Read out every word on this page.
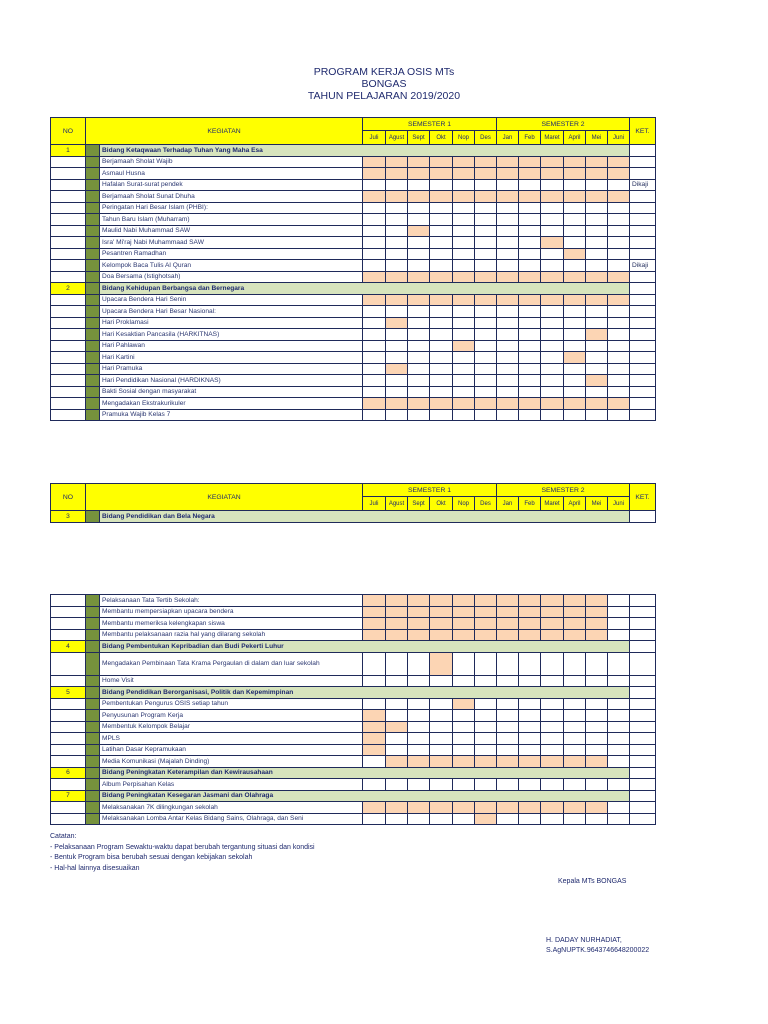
PROGRAM KERJA OSIS MTs
BONGAS
TAHUN PELAJARAN 2019/2020
NO	KEGIATAN		SEMESTER 1						SEMESTER 2						KET.
			Juli	Agust	Sept	Okt	Nop	Des	Jan	Feb	Maret	April	Mei	Juni	
1		Bidang Ketaqwaan Terhadap Tuhan Yang Maha Esa													
		Berjamaah Sholat Wajib													
		Asmaul Husna													
		Hafalan Surat-surat pendek													Dikaji
		Berjamaah Sholat Sunat Dhuha													
		Peringatan Hari Besar Islam (PHBI):													
		Tahun Baru Islam (Muharram)													
		Maulid Nabi Muhammad SAW													
		Isra' Mi'raj Nabi Muhammaad SAW													
		Pesantren Ramadhan													
		Kelompok Baca Tulis Al Quran													Dikaji
		Doa Bersama (Istighotsah)													
2		Bidang Kehidupan Berbangsa dan Bernegara													
		Upacara Bendera Hari Senin													
		Upacara Bendera Hari Besar Nasional:													
		Hari Proklamasi													
		Hari Kesaktian Pancasila (HARKITNAS)													
		Hari Pahlawan													
		Hari Kartini													
		Hari Pramuka													
		Hari Pendidikan Nasional (HARDIKNAS)													
		Bakti Sosial dengan masyarakat													
		Mengadakan Ekstrakurikuler													
		Pramuka Wajib Kelas 7													
NO	KEGIATAN		SEMESTER 1						SEMESTER 2						KET.
			Juli	Agust	Sept	Okt	Nop	Des	Jan	Feb	Maret	April	Mei	Juni	
3		Bidang Pendidikan dan Bela Negara													
		Pelaksanaan Tata Tertib Sekolah:													
		Membantu mempersiapkan upacara bendera													
		Membantu memeriksa kelengkapan siswa													
		Membantu pelaksanaan razia hal yang dilarang sekolah													
4		Bidang Pembentukan Kepribadian dan Budi Pekerti Luhur													
		Mengadakan Pembinaan Tata Krama Pergaulan di dalam dan luar sekolah													
		Home Visit													
5		Bidang Pendidikan Berorganisasi, Politik dan Kepemimpinan													
		Pembentukan Pengurus OSIS setiap tahun													
		Penyusunan Program Kerja													
		Membentuk Kelompok Belajar													
		MPLS													
		Latihan Dasar Kepramukaan													
		Media Komunikasi (Majalah Dinding)													
6		Bidang Peningkatan Keterampilan dan Kewirausahaan													
		Album Perpisahan Kelas													
7		Bidang Peningkatan Kesegaran Jasmani dan Olahraga													
		Melaksanakan 7K dilingkungan sekolah													
		Melaksanakan Lomba Antar Kelas Bidang Sains, Olahraga, dan Seni													
Catatan:
- Pelaksanaan Program Sewaktu-waktu dapat berubah tergantung situasi dan kondisi
- Bentuk Program bisa berubah sesuai dengan kebijakan sekolah
- Hal-hal lainnya disesuaikan
Kepala MTs BONGAS
H. DADAY NURHADIAT,
S.AgNUPTK.9643746648200022
